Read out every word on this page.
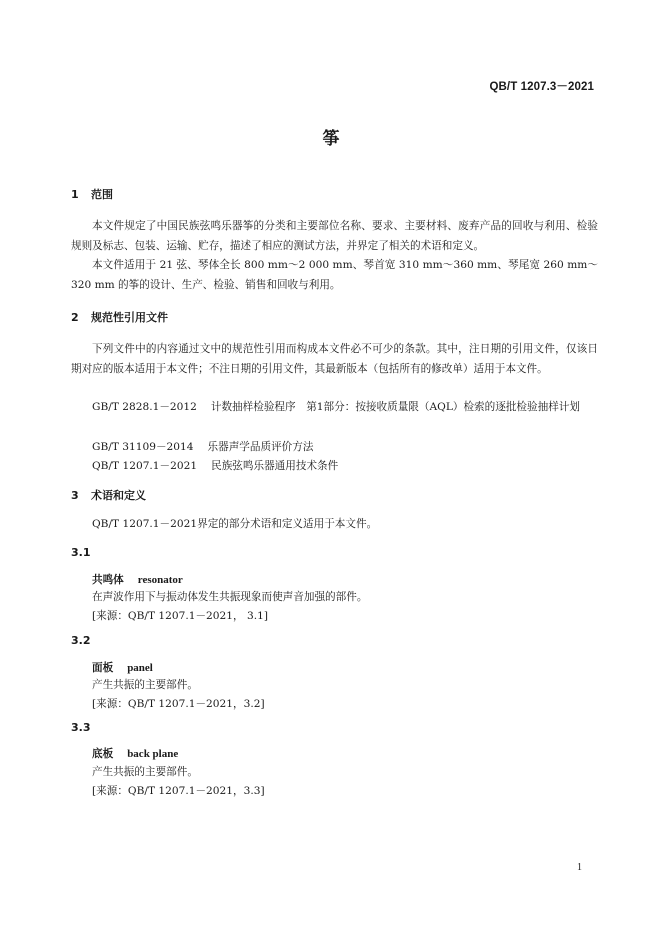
QB/T 1207.3－2021
筝
1 范围
本文件规定了中国民族弦鸣乐器筝的分类和主要部位名称、要求、主要材料、废弃产品的回收与利用、检验规则及标志、包装、运输、贮存，描述了相应的测试方法，并界定了相关的术语和定义。
本文件适用于 21 弦、琴体全长 800 mm～2 000 mm、琴首宽 310 mm～360 mm、琴尾宽 260 mm～320 mm 的筝的设计、生产、检验、销售和回收与利用。
2 规范性引用文件
下列文件中的内容通过文中的规范性引用而构成本文件必不可少的条款。其中，注日期的引用文件，仅该日期对应的版本适用于本文件；不注日期的引用文件，其最新版本（包括所有的修改单）适用于本文件。
GB/T 2828.1－2012 计数抽样检验程序　第1部分：按接收质量限（AQL）检索的逐批检验抽样计划
GB/T 31109－2014 乐器声学品质评价方法
QB/T 1207.1－2021 民族弦鸣乐器通用技术条件
3 术语和定义
QB/T 1207.1－2021界定的部分术语和定义适用于本文件。
3.1
共鸣体 resonator
在声波作用下与振动体发生共振现象而使声音加强的部件。
[来源：QB/T 1207.1－2021， 3.1]
3.2
面板 panel
产生共振的主要部件。
[来源：QB/T 1207.1－2021，3.2]
3.3
底板 back plane
产生共振的主要部件。
[来源：QB/T 1207.1－2021，3.3]
1
